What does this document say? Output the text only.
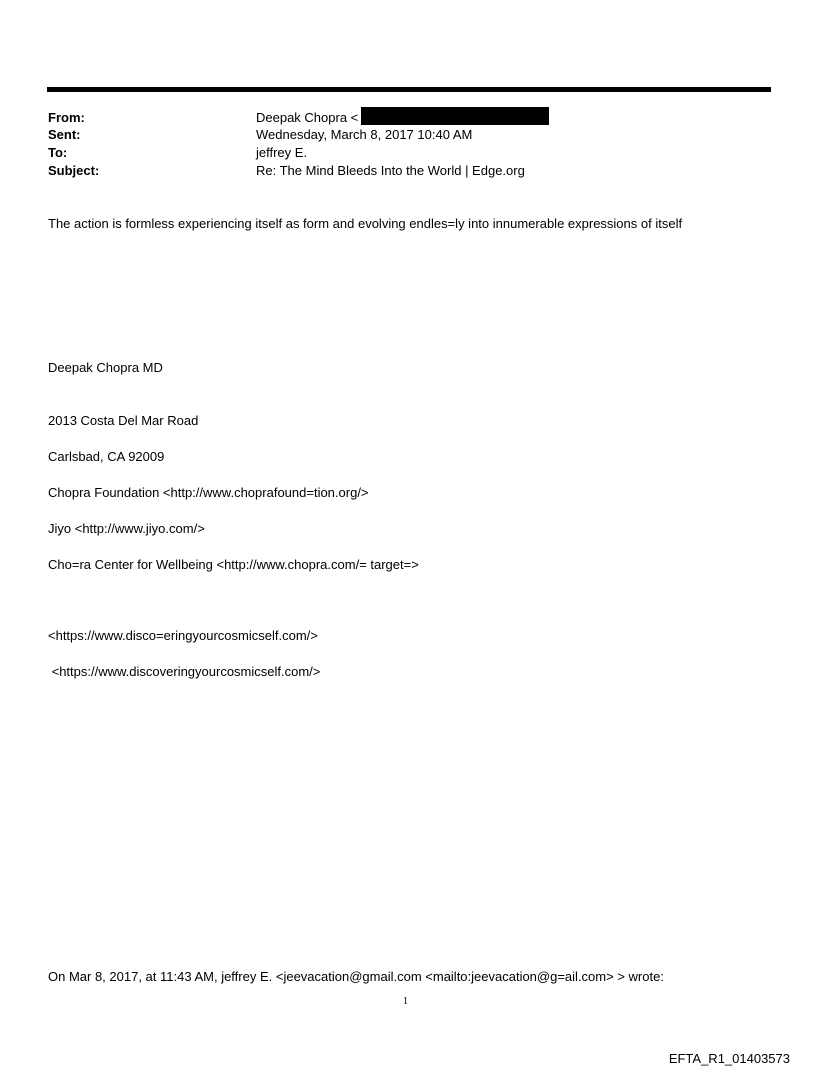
From:	Deepak Chopra <
Sent:	Wednesday, March 8, 2017 10:40 AM
To:	jeffrey E.
Subject:	Re: The Mind Bleeds Into the World | Edge.org
The action is formless experiencing itself as form and evolving endles=ly into innumerable expressions of itself
Deepak Chopra MD
2013 Costa Del Mar Road
Carlsbad, CA 92009
Chopra Foundation <http://www.choprafound=tion.org/>
Jiyo <http://www.jiyo.com/>
Cho=ra Center for Wellbeing <http://www.chopra.com/= target=>
<https://www.disco=eringyourcosmicself.com/>
<https://www.discoveringyourcosmicself.com/>
On Mar 8, 2017, at 11:43 AM, jeffrey E. <jeevacation@gmail.com <mailto:jeevacation@g=ail.com> > wrote:
1
EFTA_R1_01403573
